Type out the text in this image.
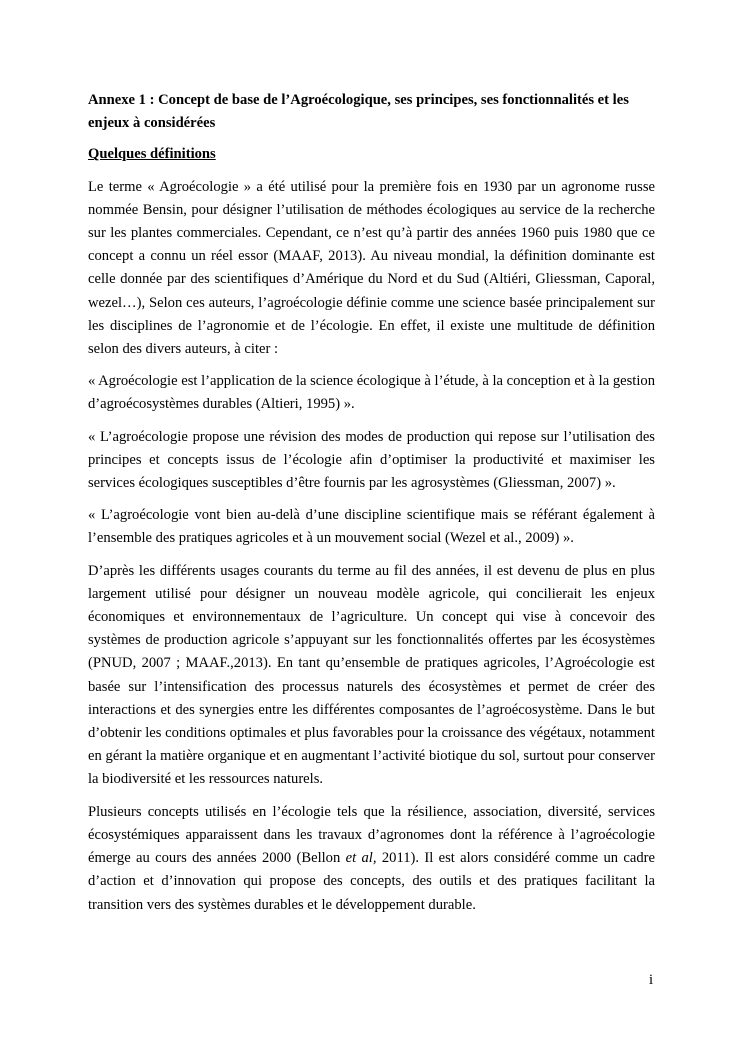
Annexe 1 : Concept de base de l’Agroécologique, ses principes, ses fonctionnalités et les
enjeux à considérées
Quelques définitions

Le terme « Agroécologie » a été utilisé pour la première fois en 1930 par un agronome russe nommée Bensin, pour désigner l’utilisation de méthodes écologiques au service de la recherche sur les plantes commerciales. Cependant, ce n’est qu’à partir des années 1960 puis 1980 que ce concept a connu un réel essor (MAAF, 2013). Au niveau mondial, la définition dominante est celle donnée par des scientifiques d’Amérique du Nord et du Sud (Altiéri, Gliessman, Caporal, wezel…), Selon ces auteurs, l’agroécologie définie comme une science basée principalement sur les disciplines de l’agronomie et de l’écologie. En effet, il existe une multitude de définition selon des divers auteurs, à citer :

« Agroécologie est l’application de la science écologique à l’étude, à la conception et à la gestion d’agroécosystèmes durables (Altieri, 1995) ».

« L’agroécologie propose une révision des modes de production qui repose sur l’utilisation des principes et concepts issus de l’écologie afin d’optimiser la productivité et maximiser les services écologiques susceptibles d’être fournis par les agrosystèmes (Gliessman, 2007) ».

« L’agroécologie vont bien au-delà d’une discipline scientifique mais se référant également à l’ensemble des pratiques agricoles et à un mouvement social (Wezel et al., 2009) ».

D’après les différents usages courants du terme au fil des années, il est devenu de plus en plus largement utilisé pour désigner un nouveau modèle agricole, qui concilierait les enjeux économiques et environnementaux de l’agriculture. Un concept qui vise à concevoir des systèmes de production agricole s’appuyant sur les fonctionnalités offertes par les écosystèmes (PNUD, 2007 ; MAAF.,2013). En tant qu’ensemble de pratiques agricoles, l’Agroécologie est basée sur l’intensification des processus naturels des écosystèmes et permet de créer des interactions et des synergies entre les différentes composantes de l’agroécosystème. Dans le but d’obtenir les conditions optimales et plus favorables pour la croissance des végétaux, notamment en gérant la matière organique et en augmentant l’activité biotique du sol, surtout pour conserver la biodiversité et les ressources naturels.

Plusieurs concepts utilisés en l’écologie tels que la résilience, association, diversité, services écosystémiques apparaissent dans les travaux d’agronomes dont la référence à l’agroécologie émerge au cours des années 2000 (Bellon et al, 2011). Il est alors considéré comme un cadre d’action et d’innovation qui propose des concepts, des outils et des pratiques facilitant la transition vers des systèmes durables et le développement durable.

i
